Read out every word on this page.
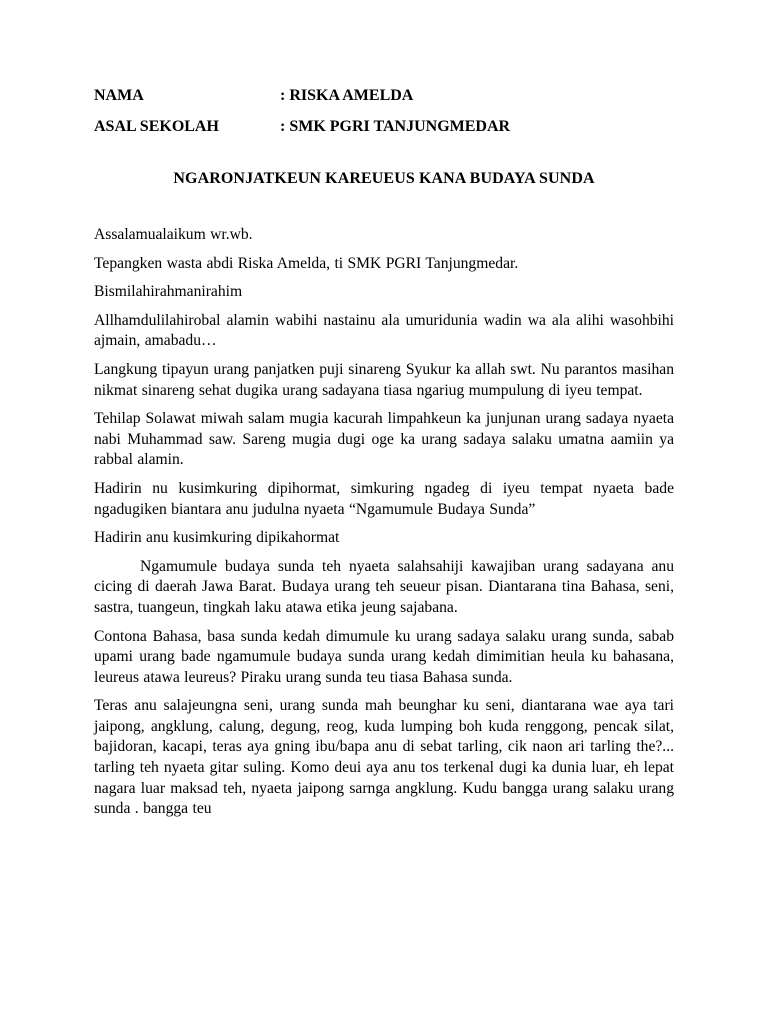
NAMA	: RISKA AMELDA
ASAL SEKOLAH	: SMK PGRI TANJUNGMEDAR
NGARONJATKEUN KAREUEUS KANA BUDAYA SUNDA

Assalamualaikum wr.wb.

Tepangken wasta abdi Riska Amelda, ti SMK PGRI Tanjungmedar.

Bismilahirahmanirahim

Allhamdulilahirobal alamin wabihi nastainu ala umuridunia wadin wa ala alihi wasohbihi ajmain, amabadu…

Langkung tipayun urang panjatken puji sinareng Syukur ka allah swt. Nu parantos masihan nikmat sinareng sehat dugika urang sadayana tiasa ngariug mumpulung di iyeu tempat.

Tehilap Solawat miwah salam mugia kacurah limpahkeun ka junjunan urang sadaya nyaeta nabi Muhammad saw. Sareng mugia dugi oge ka urang sadaya salaku umatna aamiin ya rabbal alamin.

Hadirin nu kusimkuring dipihormat, simkuring ngadeg di iyeu tempat nyaeta bade ngadugiken biantara anu judulna nyaeta “Ngamumule Budaya Sunda”

Hadirin anu kusimkuring dipikahormat

Ngamumule budaya sunda teh nyaeta salahsahiji kawajiban urang sadayana anu cicing di daerah Jawa Barat. Budaya urang teh seueur pisan. Diantarana tina Bahasa, seni, sastra, tuangeun, tingkah laku atawa etika jeung sajabana.

Contona Bahasa, basa sunda kedah dimumule ku urang sadaya salaku urang sunda, sabab upami urang bade ngamumule budaya sunda urang kedah dimimitian heula ku bahasana, leureus atawa leureus? Piraku urang sunda teu tiasa Bahasa sunda.

Teras anu salajeungna seni, urang sunda mah beunghar ku seni, diantarana wae aya tari jaipong, angklung, calung, degung, reog, kuda lumping boh kuda renggong, pencak silat, bajidoran, kacapi, teras aya gning ibu/bapa anu di sebat tarling, cik naon ari tarling the?... tarling teh nyaeta gitar suling. Komo deui aya anu tos terkenal dugi ka dunia luar, eh lepat nagara luar maksad teh, nyaeta jaipong sarnga angklung. Kudu bangga urang salaku urang sunda . bangga teu
